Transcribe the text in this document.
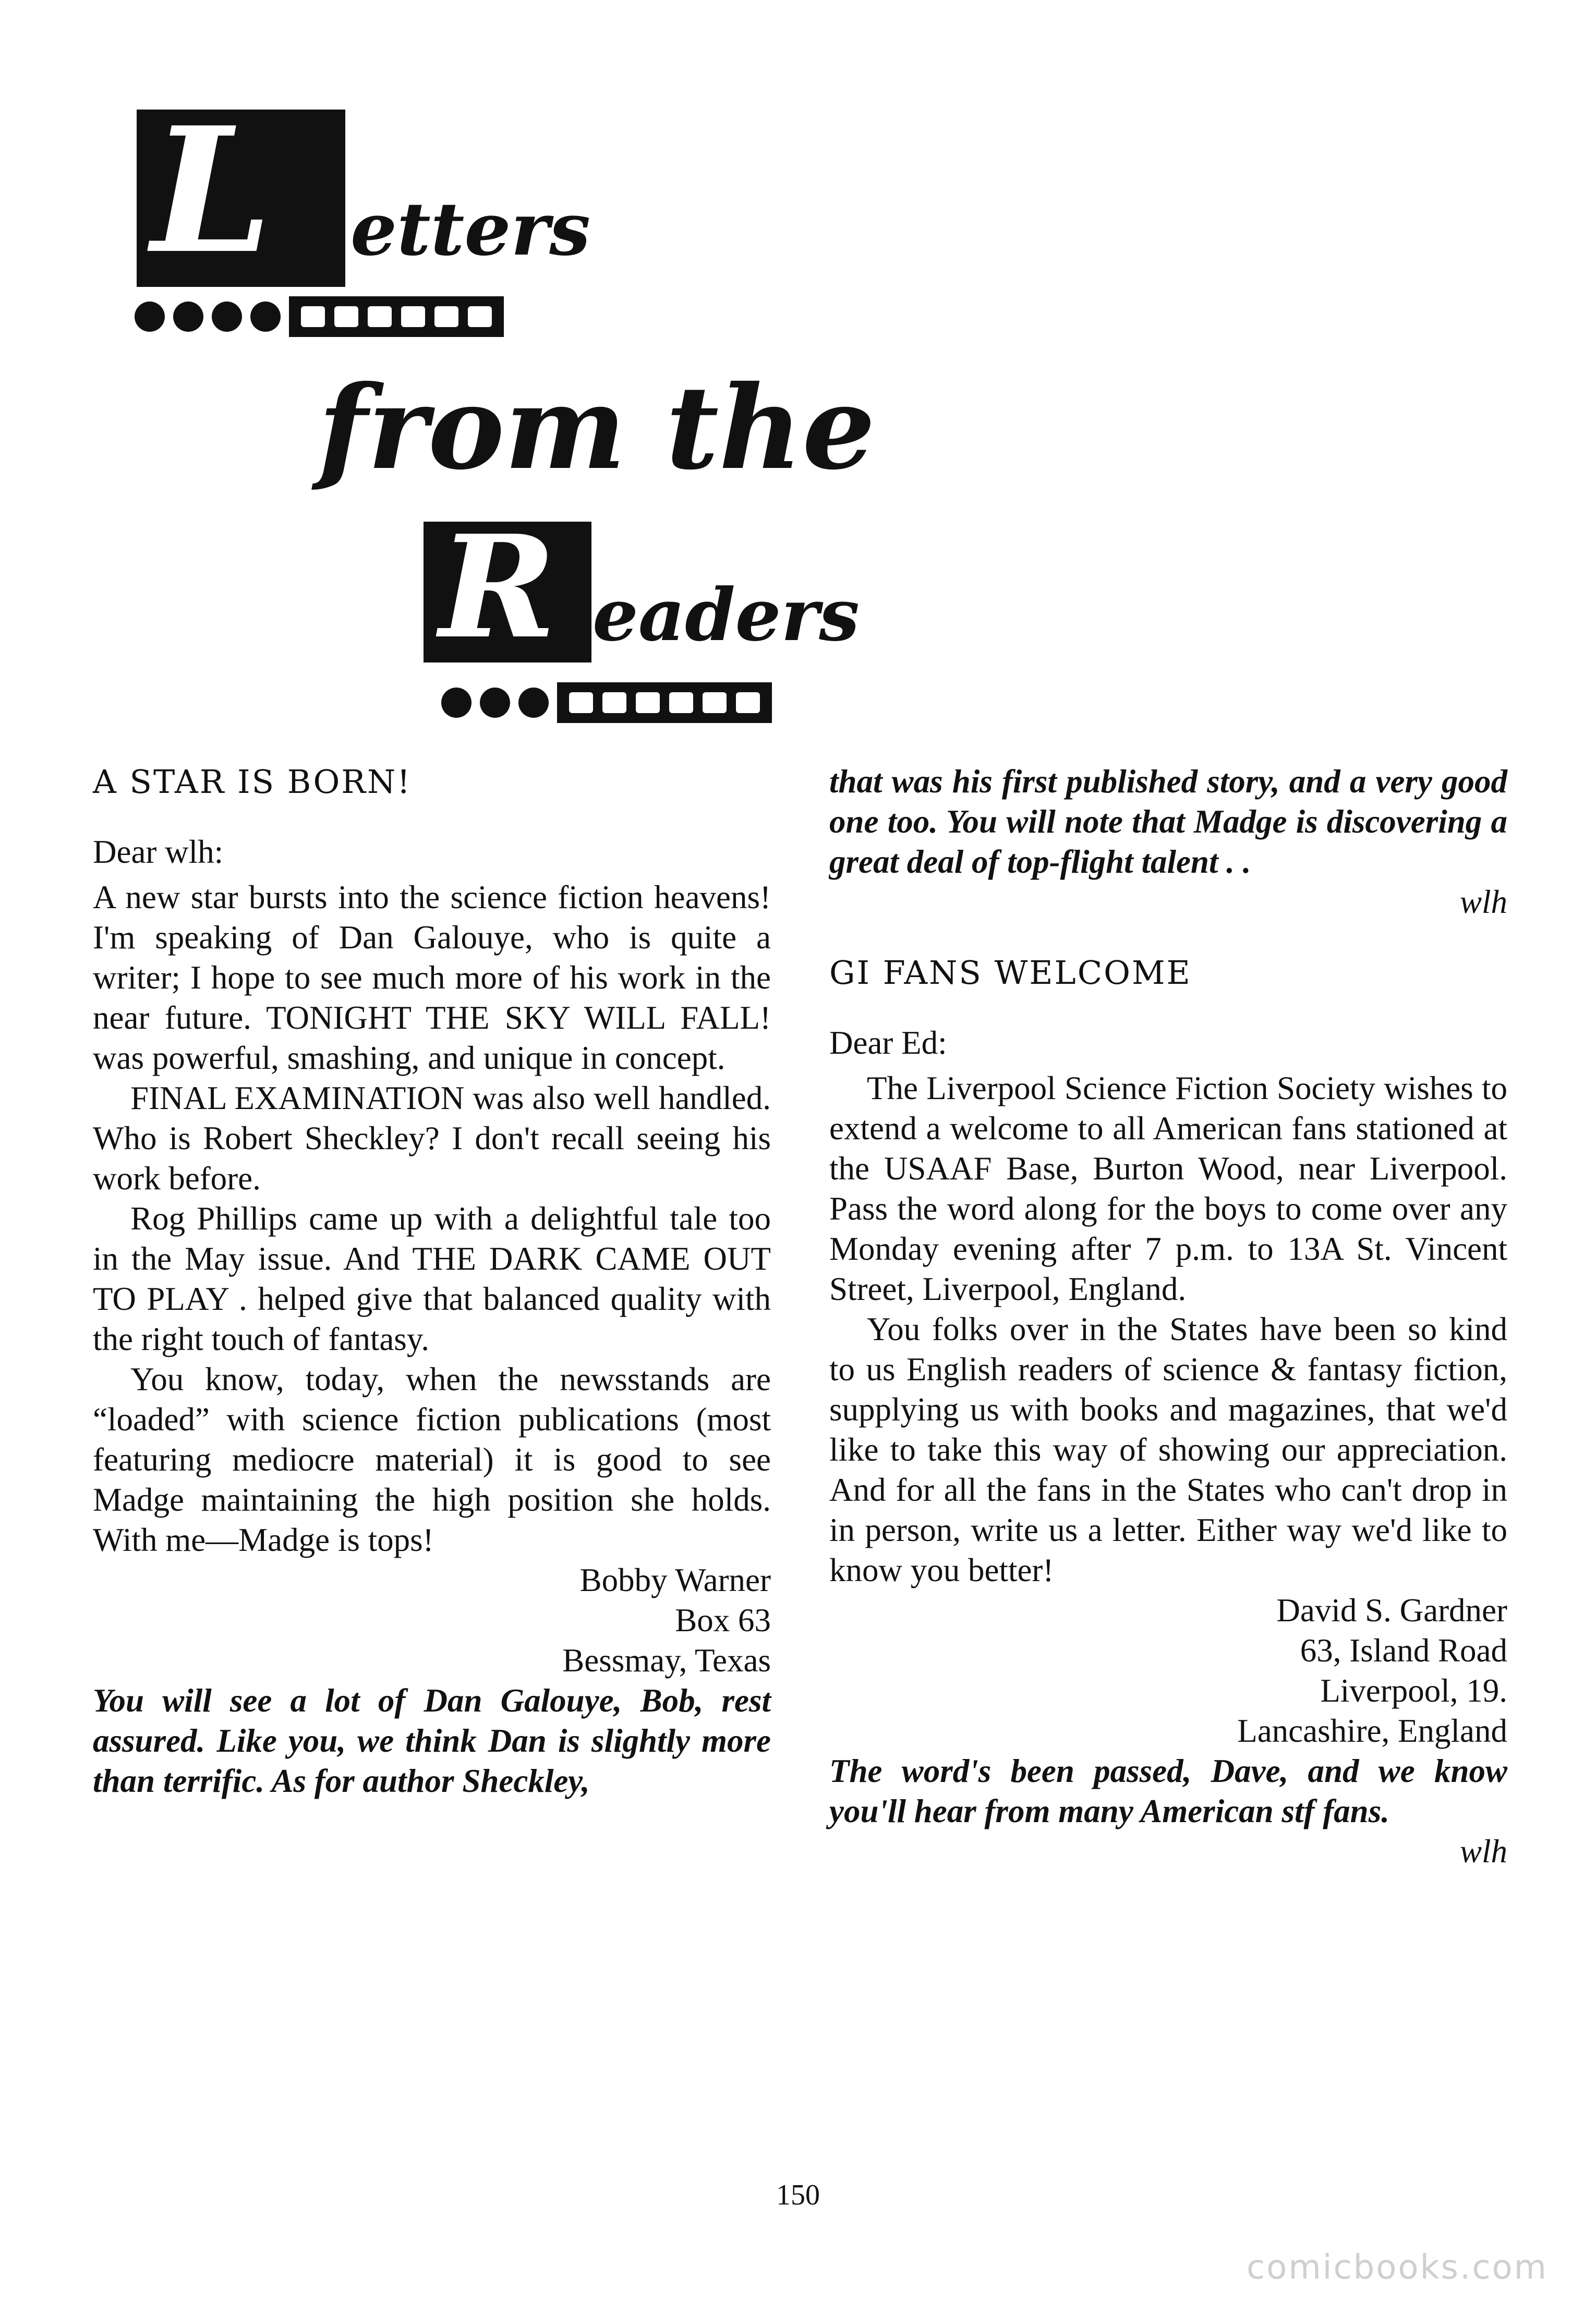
L etters
from the
R eaders
A STAR IS BORN!
Dear wlh:

A new star bursts into the science fiction heavens! I'm speaking of Dan Galouye, who is quite a writer; I hope to see much more of his work in the near future. TONIGHT THE SKY WILL FALL! was powerful, smashing, and unique in concept.

FINAL EXAMINATION was also well handled. Who is Robert Sheckley? I don't recall seeing his work before.

Rog Phillips came up with a delightful tale too in the May issue. And THE DARK CAME OUT TO PLAY . helped give that balanced quality with the right touch of fantasy.

You know, today, when the newsstands are “loaded” with science fiction publications (most featuring mediocre material) it is good to see Madge maintaining the high position she holds. With me—Madge is tops!

Bobby Warner
Box 63
Bessmay, Texas

You will see a lot of Dan Galouye, Bob, rest assured. Like you, we think Dan is slightly more than terrific. As for author Sheckley,

that was his first published story, and a very good one too. You will note that Madge is discovering a great deal of top-flight talent . .

wlh
GI FANS WELCOME
Dear Ed:

The Liverpool Science Fiction Society wishes to extend a welcome to all American fans stationed at the USAAF Base, Burton Wood, near Liverpool. Pass the word along for the boys to come over any Monday evening after 7 p.m. to 13A St. Vincent Street, Liverpool, England.

You folks over in the States have been so kind to us English readers of science & fantasy fiction, supplying us with books and magazines, that we'd like to take this way of showing our appreciation. And for all the fans in the States who can't drop in in person, write us a letter. Either way we'd like to know you better!

David S. Gardner
63, Island Road
Liverpool, 19.
Lancashire, England

The word's been passed, Dave, and we know you'll hear from many American stf fans.

wlh
150
comicbooks.com
